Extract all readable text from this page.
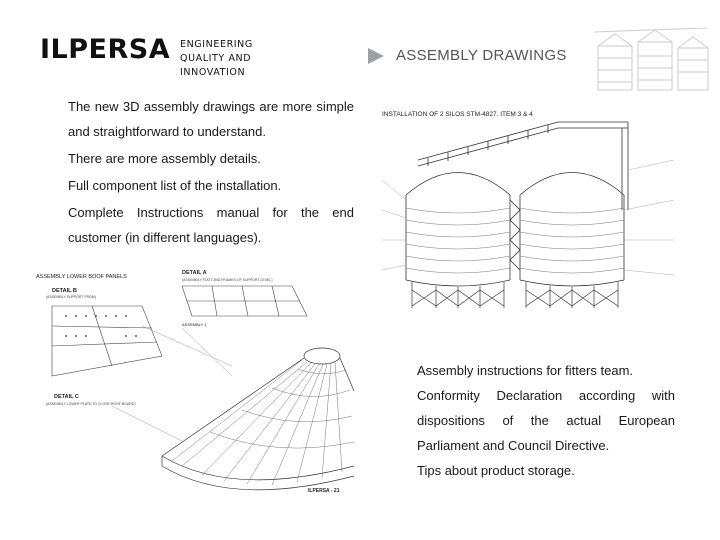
ILPERSA ENGINEERING
QUALITY AND
INNOVATION
ASSEMBLY DRAWINGS
The new 3D assembly drawings are more simple and straightforward to understand.
There are more assembly details.
Full component list of the installation.
Complete Instructions manual for the end customer (in different languages).
INSTALLATION OF 2 SILOS STM-4827. ITEM 3 & 4
ASSEMBLY LOWER BOOF PANELS
DETAIL A
(ASSEMBLY FOOT 2ND FRAMES OF SUPPORT LEVEL)
DETAIL B
(ASSEMBLY SUPPORT FROM)
ASSEMBLY 1
DETAIL C
(ASSEMBLY LOWER PLATE TO CLOSE ROOF BOARD)
ILPERSA - 21
Assembly instructions for fitters team.
Conformity Declaration according with dispositions of the actual European Parliament and Council Directive.
Tips about product storage.
